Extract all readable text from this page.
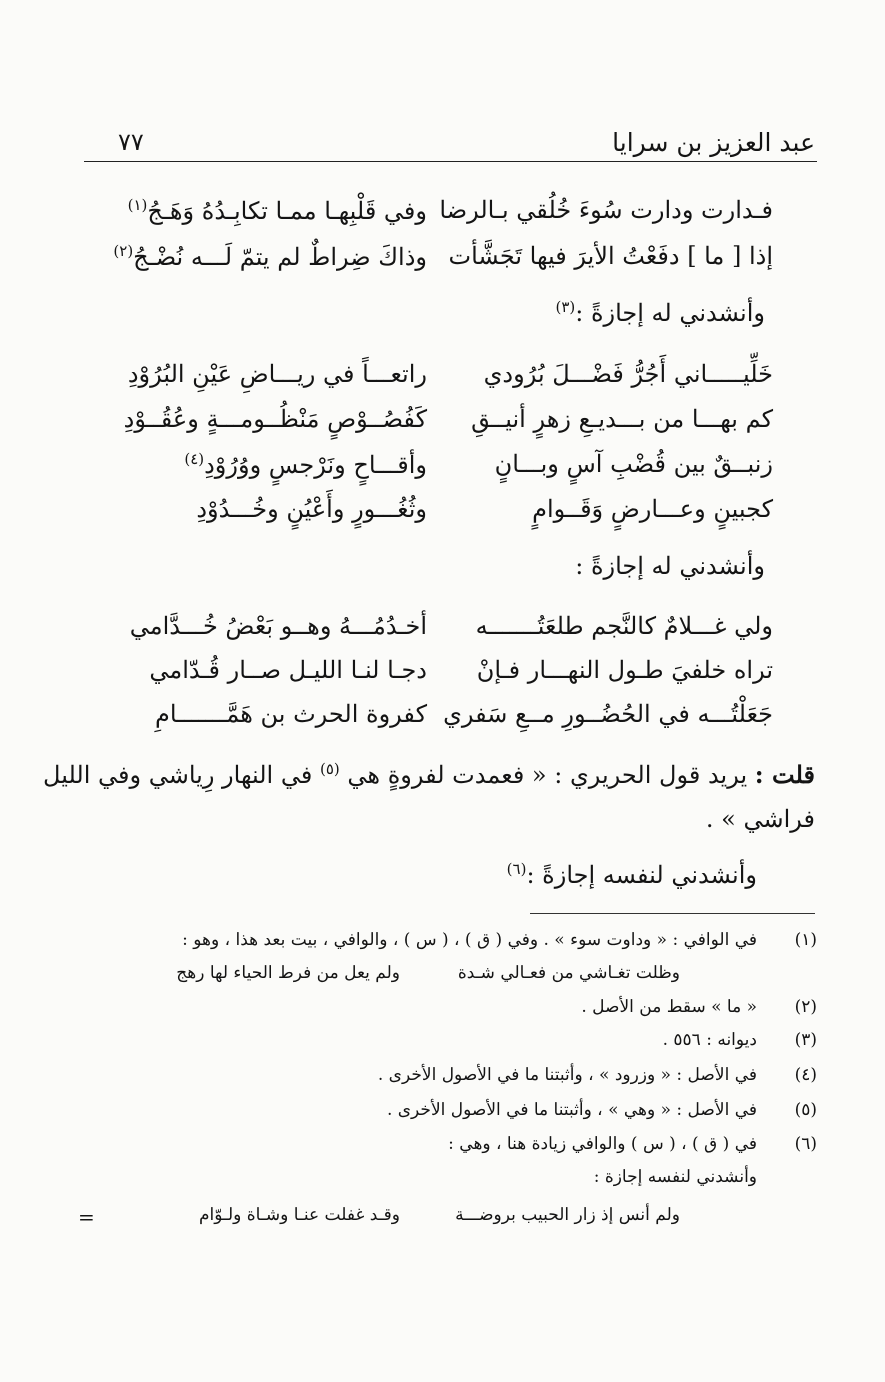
عبد العزيز بن سرايا
٧٧
فـدارت ودارت سُوءَ خُلُقي بـالرضا
وفي قَلْبِهـا ممـا تكابِـدُهُ وَهَـجُ$^{(١)}$
إذا [ ما ] دفَعْتُ الأيرَ فيها تَجَشَّأت
وذاكَ ضِراطٌ لم يتمّ لَـــه نُضْـجُ$^{(٢)}$
وأنشدني له إجازةً :$^{(٣)}$
خَلِّيـــــاني أَجُرُّ فَضْـــلَ بُرُودي
راتعـــاً في ريـــاضِ عَيْنِ البُرُوْدِ
كم بهـــا من بـــديـعِ زهرٍ أنيــقِ
كَفُصُــوْصٍ مَنْظُــومـــةٍ وعُقُــوْدِ
زنبــقٌ بين قُضْبِ آسٍ وبـــانٍ
وأقـــاحٍ ونَرْجسٍ ووُرُوْدِ$^{(٤)}$
كجبينٍ وعـــارضٍ وَقَــوامٍ
وثُغُـــورٍ وأَعْيُنٍ وخُـــدُوْدِ
وأنشدني له إجازةً :
ولي غـــلامٌ كالنَّجم طلعَتُـــــــه
أخـدُمُـــهُ وهــو بَعْضُ خُـــدَّامي
تراه خلفيَ طـول النهـــار فـإنْ
دجـا لنـا الليـل صــار قُـدّامي
جَعَلْتُـــه في الحُضُــورِ مــعِ سَفري
كفروة الحرث بن هَمَّـــــــامِ
قلت : يريد قول الحريري : « فعمدت لفروةٍ هي $^{(٥)}$ في النهار رِياشي وفي الليل
فراشي » .
وأنشدني لنفسه إجازةً :$^{(٦)}$
(١)
في الوافي : « وداوت سوء » . وفي ( ق ) ، ( س ) ، والوافي ، بيت بعد هذا ، وهو :
وظلت تغـاشي من فعـالي شـدة
ولم يعل من فرط الحياء لها رهج
(٢)
« ما » سقط من الأصل .
(٣)
ديوانه : ٥٥٦ .
(٤)
في الأصل : « وزرود » ، وأثبتنا ما في الأصول الأخرى .
(٥)
في الأصل : « وهي » ، وأثبتنا ما في الأصول الأخرى .
(٦)
في ( ق ) ، ( س ) والوافي زيادة هنا ، وهي :
وأنشدني لنفسه إجازة :
ولم أنس إذ زار الحبيب بروضـــة
وقـد غفلت عنـا وشـاة ولـوّام
=
